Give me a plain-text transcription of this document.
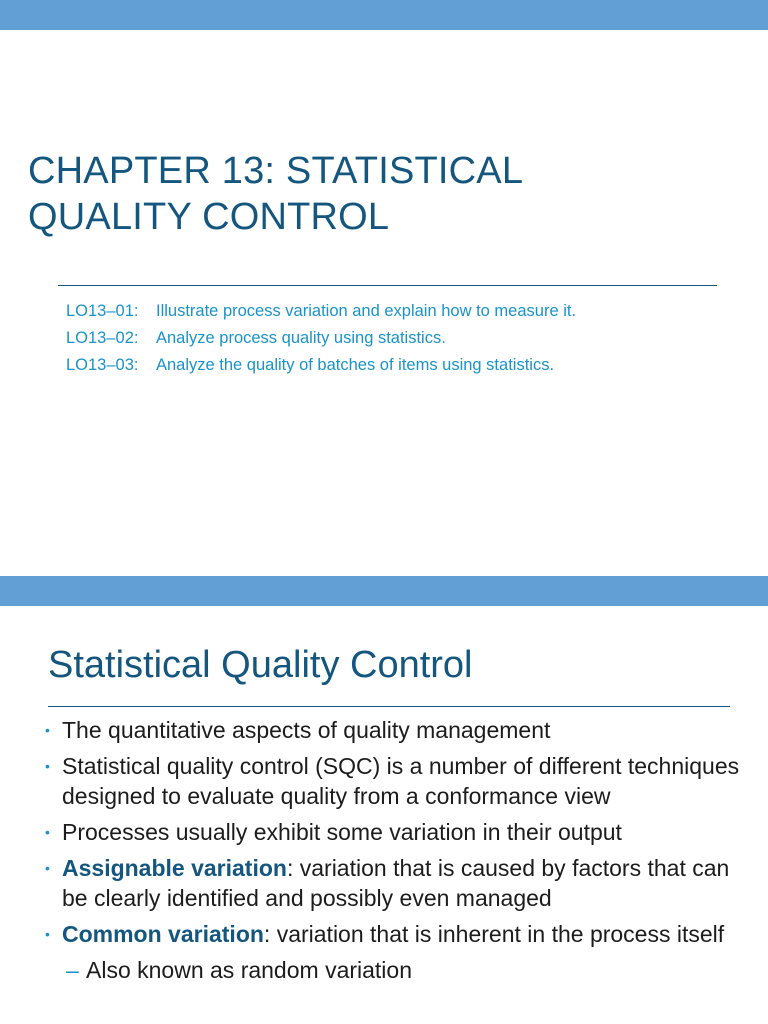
CHAPTER 13: STATISTICAL
QUALITY CONTROL
LO13–01: Illustrate process variation and explain how to measure it.
LO13–02: Analyze process quality using statistics.
LO13–03: Analyze the quality of batches of items using statistics.
Statistical Quality Control
• The quantitative aspects of quality management
• Statistical quality control (SQC) is a number of different techniques designed to evaluate quality from a conformance view
• Processes usually exhibit some variation in their output
• Assignable variation: variation that is caused by factors that can be clearly identified and possibly even managed
• Common variation: variation that is inherent in the process itself
– Also known as random variation
